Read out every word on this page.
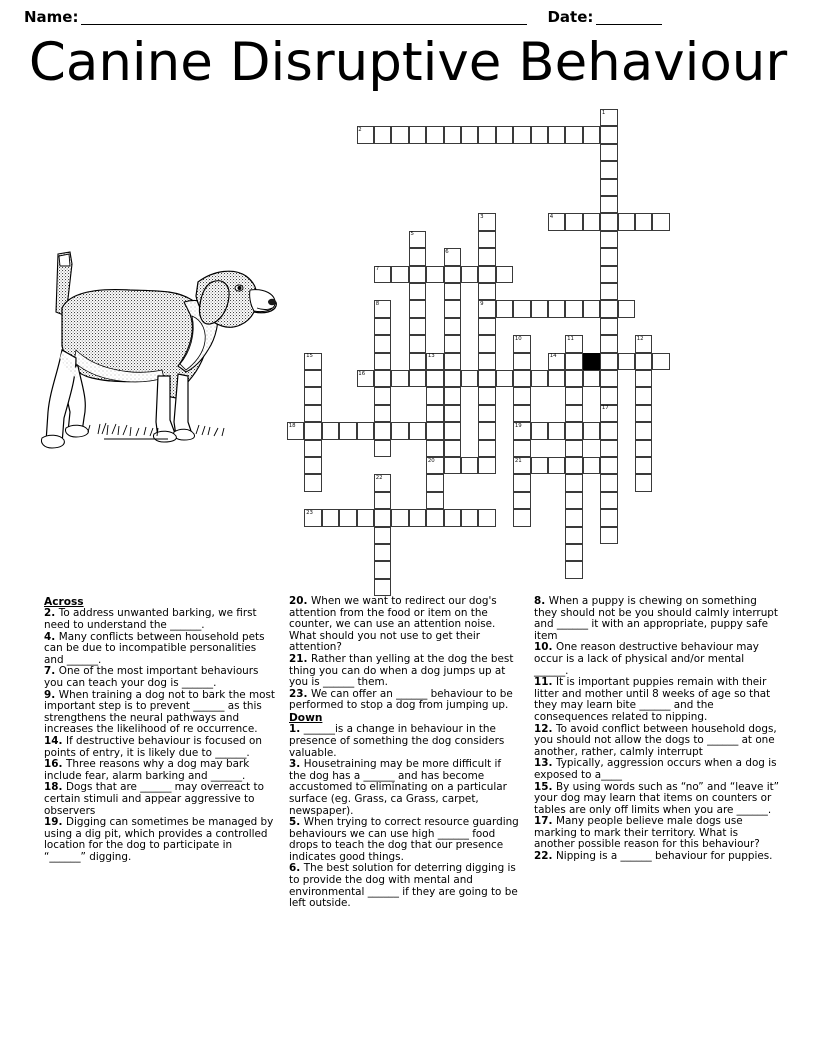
Name:	Date:
Canine Disruptive Behaviour
1
2
3
9
4
5
6
7
8
10
19
21
11	12
13
20
14
15
16
17
18
22
23
Across

2. To address unwanted barking, we first need to understand the ______.

4. Many conflicts between household pets can be due to incompatible personalities and ______.

7. One of the most important behaviours you can teach your dog is ______.

9. When training a dog not to bark the most important step is to prevent ______ as this strengthens the neural pathways and increases the likelihood of re occurrence.

14. If destructive behaviour is focused on points of entry, it is likely due to ______.

16. Three reasons why a dog may bark include fear, alarm barking and ______.

18. Dogs that are ______ may overreact to certain stimuli and appear aggressive to observers

19. Digging can sometimes be managed by using a dig pit, which provides a controlled location for the dog to participate in “______” digging.

20. When we want to redirect our dog's attention from the food or item on the counter, we can use an attention noise. What should you not use to get their attention?

21. Rather than yelling at the dog the best thing you can do when a dog jumps up at you is ______ them.

23. We can offer an ______ behaviour to be performed to stop a dog from jumping up.

Down

1. ______is a change in behaviour in the presence of something the dog considers valuable.

3. Housetraining may be more difficult if the dog has a ______ and has become accustomed to eliminating on a particular surface (eg. Grass, ca Grass, carpet, newspaper).

5. When trying to correct resource guarding behaviours we can use high ______ food drops to teach the dog that our presence indicates good things.

6. The best solution for deterring digging is to provide the dog with mental and environmental ______ if they are going to be left outside.

8. When a puppy is chewing on something they should not be you should calmly interrupt and ______ it with an appropriate, puppy safe item

10. One reason destructive behaviour may occur is a lack of physical and/or mental ______.

11. It is important puppies remain with their litter and mother until 8 weeks of age so that they may learn bite ______ and the consequences related to nipping.

12. To avoid conflict between household dogs, you should not allow the dogs to ______ at one another, rather, calmly interrupt

13. Typically, aggression occurs when a dog is exposed to a____

15. By using words such as “no” and “leave it” your dog may learn that items on counters or tables are only off limits when you are ______.

17. Many people believe male dogs use marking to mark their territory. What is another possible reason for this behaviour?

22. Nipping is a ______ behaviour for puppies.
